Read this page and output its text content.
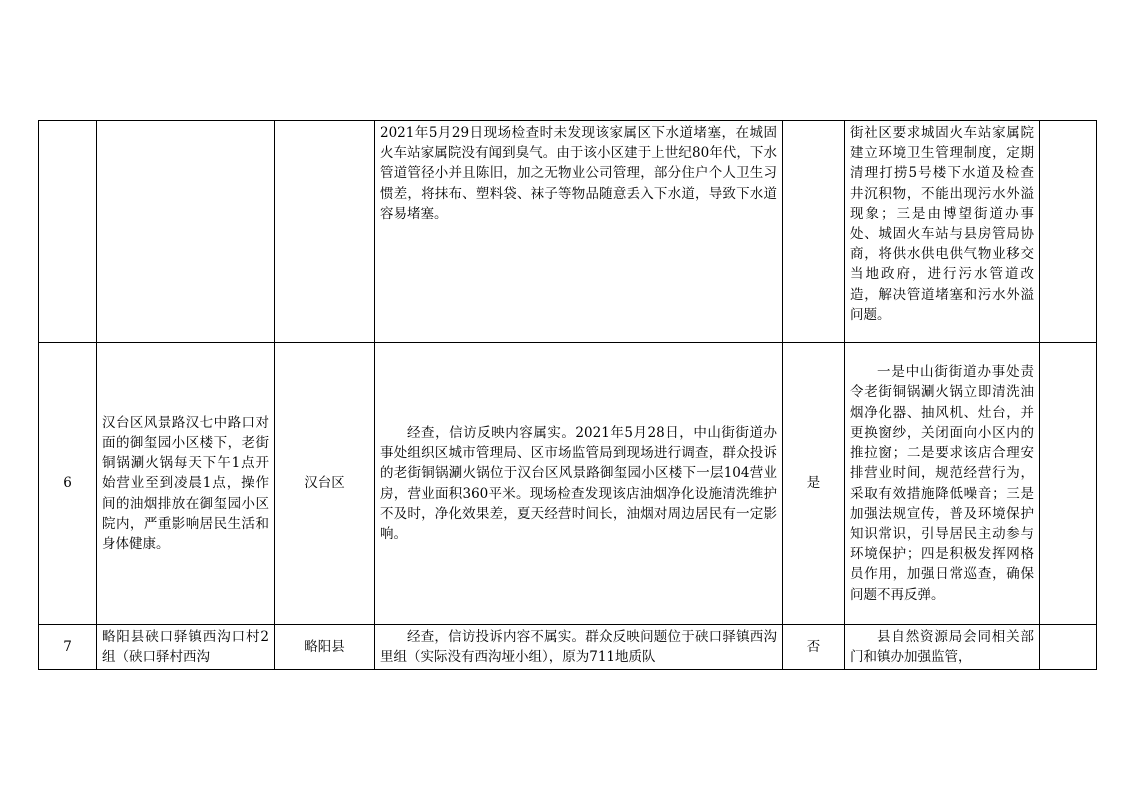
			2021年5月29日现场检查时未发现该家属区下水道堵塞，在城固火车站家属院没有闻到臭气。由于该小区建于上世纪80年代，下水管道管径小并且陈旧，加之无物业公司管理，部分住户个人卫生习惯差，将抹布、塑料袋、袜子等物品随意丢入下水道，导致下水道容易堵塞。		街社区要求城固火车站家属院建立环境卫生管理制度，定期清理打捞5号楼下水道及检查井沉积物，不能出现污水外溢现象；三是由博望街道办事处、城固火车站与县房管局协商，将供水供电供气物业移交当地政府，进行污水管道改造，解决管道堵塞和污水外溢问题。	
6	汉台区风景路汉七中路口对面的御玺园小区楼下，老街铜锅涮火锅每天下午1点开始营业至到凌晨1点，操作间的油烟排放在御玺园小区院内，严重影响居民生活和身体健康。	汉台区	经查，信访反映内容属实。2021年5月28日，中山街街道办事处组织区城市管理局、区市场监管局到现场进行调查，群众投诉的老街铜锅涮火锅位于汉台区风景路御玺园小区楼下一层104营业房，营业面积360平米。现场检查发现该店油烟净化设施清洗维护不及时，净化效果差，夏天经营时间长，油烟对周边居民有一定影响。	是	一是中山街街道办事处责令老街铜锅涮火锅立即清洗油烟净化器、抽风机、灶台，并更换窗纱，关闭面向小区内的推拉窗；二是要求该店合理安排营业时间，规范经营行为，采取有效措施降低噪音；三是加强法规宣传，普及环境保护知识常识，引导居民主动参与环境保护；四是积极发挥网格员作用，加强日常巡查，确保问题不再反弹。	
7	略阳县硖口驿镇西沟口村2组（硖口驿村西沟	略阳县	经查，信访投诉内容不属实。群众反映问题位于硖口驿镇西沟里组（实际没有西沟垭小组），原为711地质队	否	县自然资源局会同相关部门和镇办加强监管，	
